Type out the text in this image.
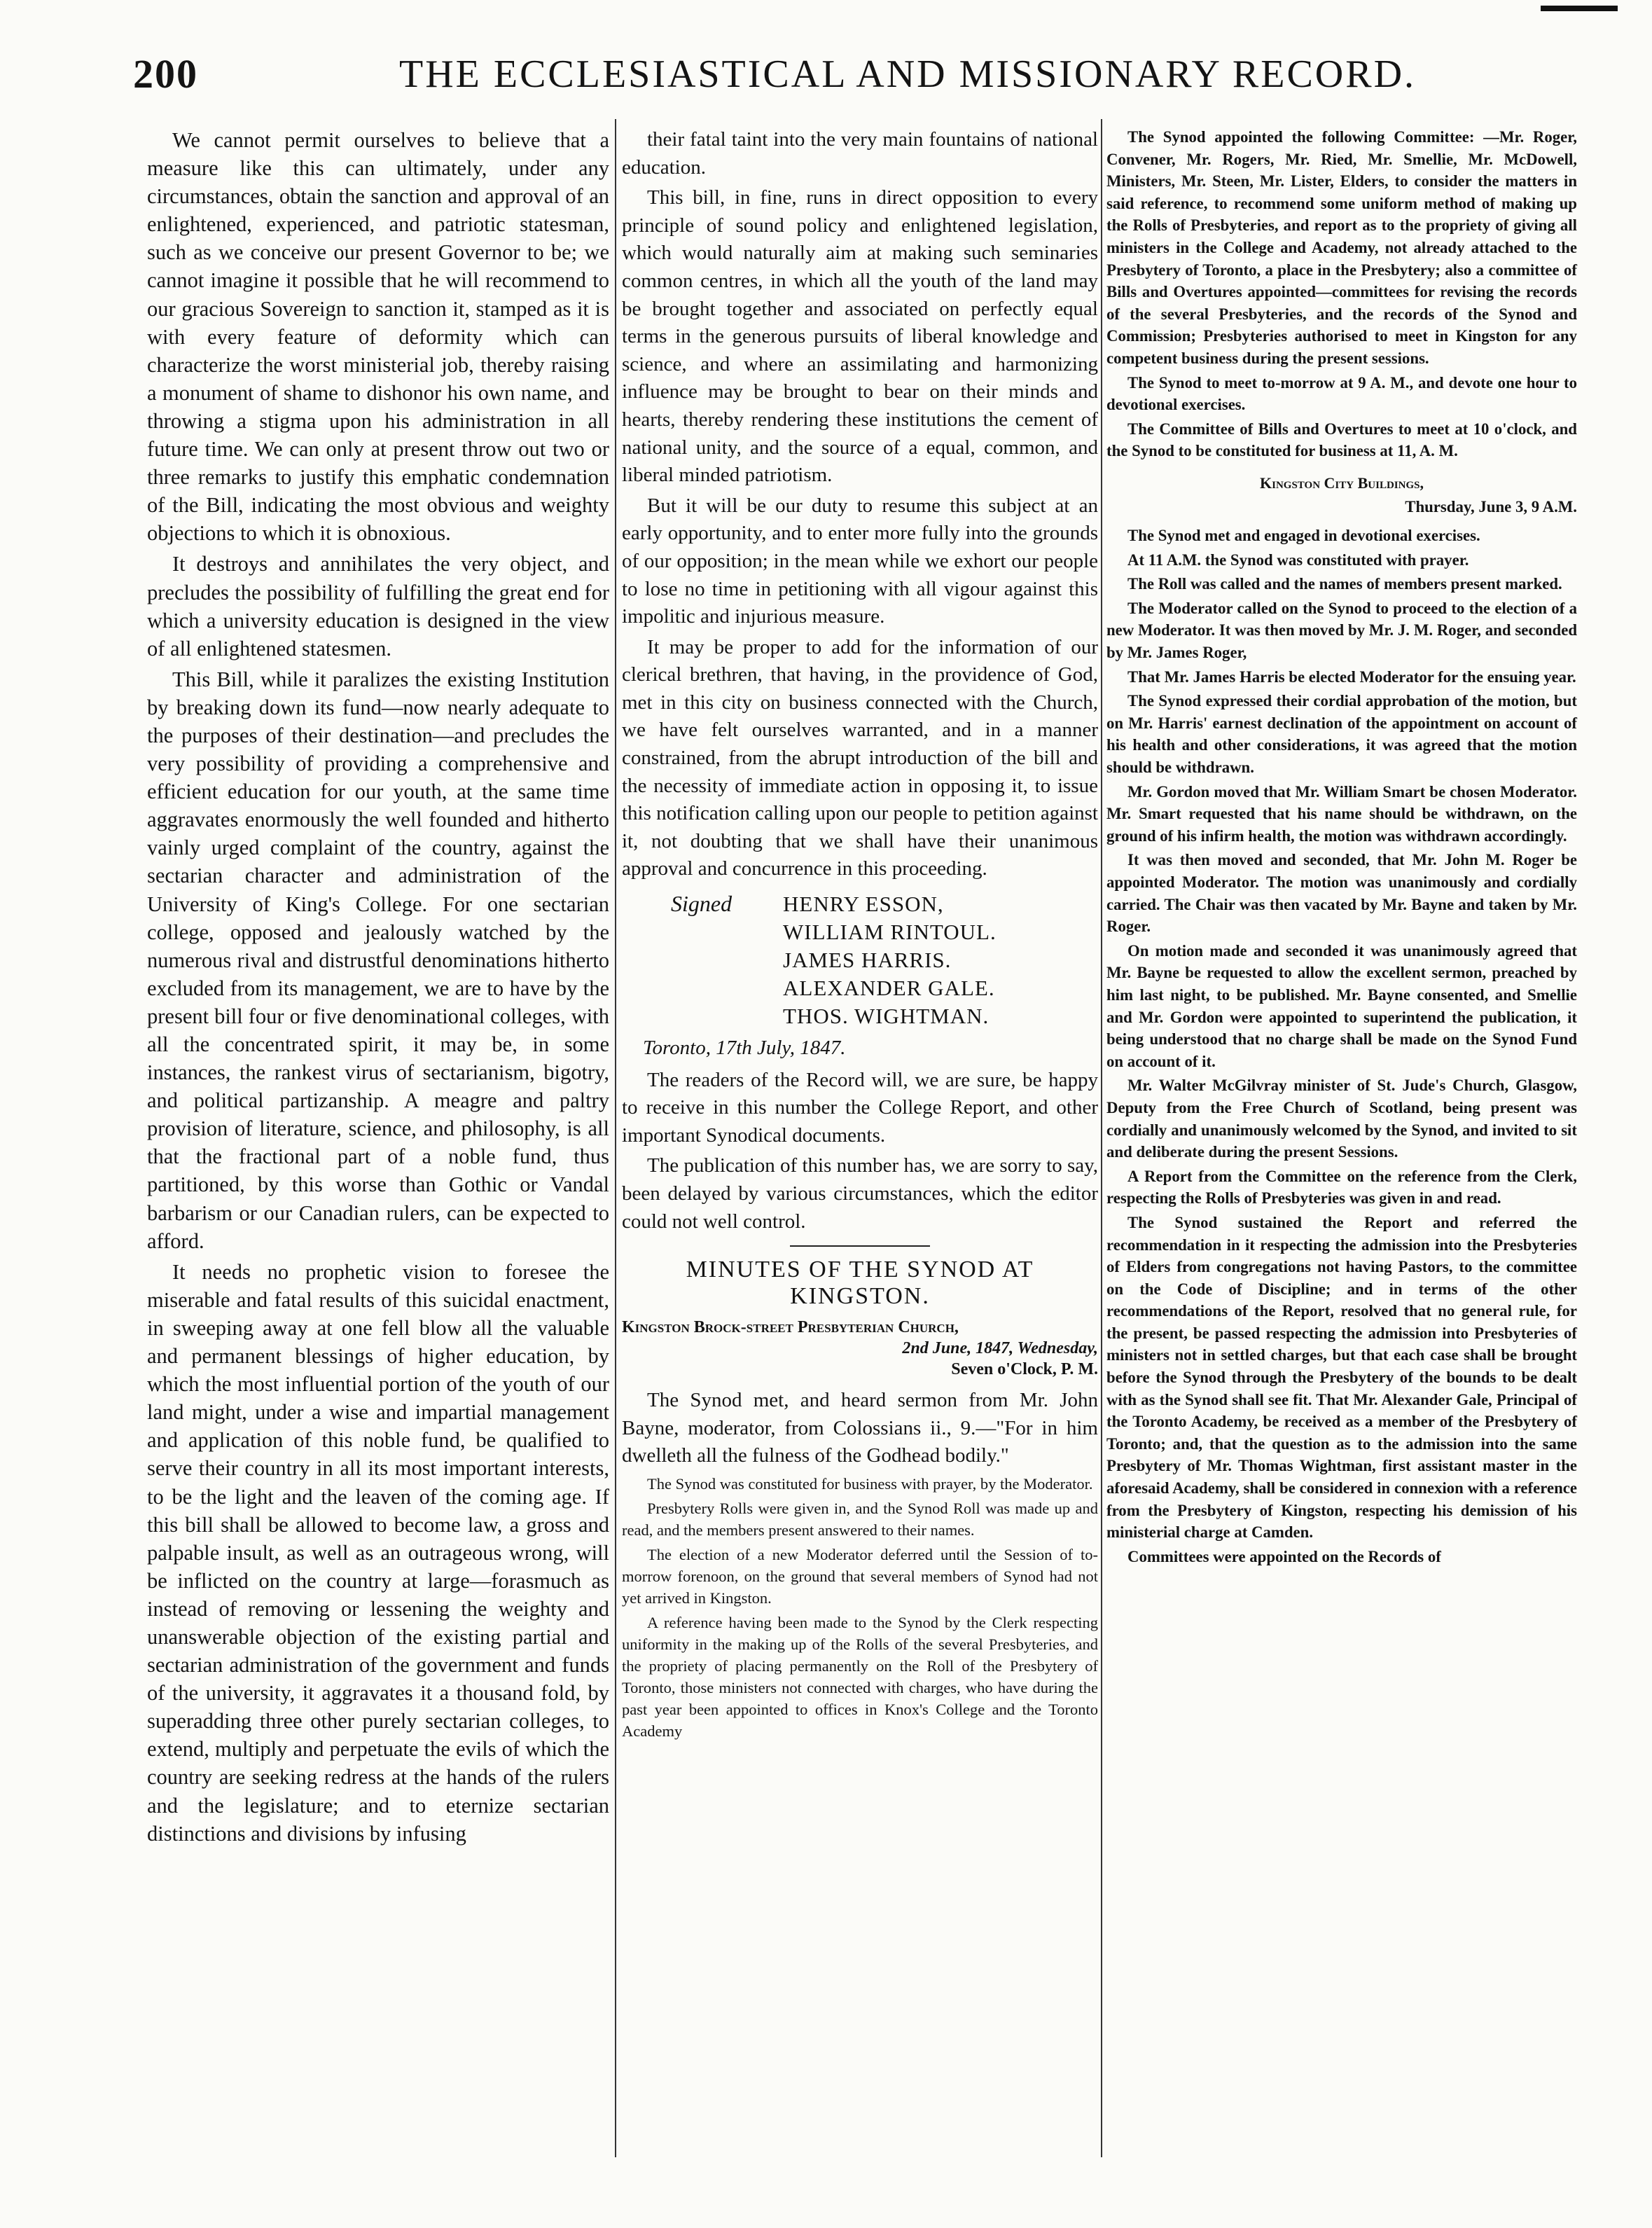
200	THE ECCLESIASTICAL AND MISSIONARY RECORD.

We cannot permit ourselves to believe that a measure like this can ultimately, under any circumstances, obtain the sanction and approval of an enlightened, experienced, and patriotic statesman, such as we conceive our present Governor to be; we cannot imagine it possible that he will recommend to our gracious Sovereign to sanction it, stamped as it is with every feature of deformity which can characterize the worst ministerial job, thereby raising a monument of shame to dishonor his own name, and throwing a stigma upon his administration in all future time. We can only at present throw out two or three remarks to justify this emphatic condemnation of the Bill, indicating the most obvious and weighty objections to which it is obnoxious.

It destroys and annihilates the very object, and precludes the possibility of fulfilling the great end for which a university education is designed in the view of all enlightened statesmen.

This Bill, while it paralizes the existing Institution by breaking down its fund—now nearly adequate to the purposes of their destination—and precludes the very possibility of providing a comprehensive and efficient education for our youth, at the same time aggravates enormously the well founded and hitherto vainly urged complaint of the country, against the sectarian character and administration of the University of King's College. For one sectarian college, opposed and jealously watched by the numerous rival and distrustful denominations hitherto excluded from its management, we are to have by the present bill four or five denominational colleges, with all the concentrated spirit, it may be, in some instances, the rankest virus of sectarianism, bigotry, and political partizanship. A meagre and paltry provision of literature, science, and philosophy, is all that the fractional part of a noble fund, thus partitioned, by this worse than Gothic or Vandal barbarism or our Canadian rulers, can be expected to afford.

It needs no prophetic vision to foresee the miserable and fatal results of this suicidal enactment, in sweeping away at one fell blow all the valuable and permanent blessings of higher education, by which the most influential portion of the youth of our land might, under a wise and impartial management and application of this noble fund, be qualified to serve their country in all its most important interests, to be the light and the leaven of the coming age. If this bill shall be allowed to become law, a gross and palpable insult, as well as an outrageous wrong, will be inflicted on the country at large—forasmuch as instead of removing or lessening the weighty and unanswerable objection of the existing partial and sectarian administration of the government and funds of the university, it aggravates it a thousand fold, by superadding three other purely sectarian colleges, to extend, multiply and perpetuate the evils of which the country are seeking redress at the hands of the rulers and the legislature; and to eternize sectarian distinctions and divisions by infusing

their fatal taint into the very main fountains of national education.

This bill, in fine, runs in direct opposition to every principle of sound policy and enlightened legislation, which would naturally aim at making such seminaries common centres, in which all the youth of the land may be brought together and associated on perfectly equal terms in the generous pursuits of liberal knowledge and science, and where an assimilating and harmonizing influence may be brought to bear on their minds and hearts, thereby rendering these institutions the cement of national unity, and the source of a equal, common, and liberal minded patriotism.

But it will be our duty to resume this subject at an early opportunity, and to enter more fully into the grounds of our opposition; in the mean while we exhort our people to lose no time in petitioning with all vigour against this impolitic and injurious measure.

It may be proper to add for the information of our clerical brethren, that having, in the providence of God, met in this city on business connected with the Church, we have felt ourselves warranted, and in a manner constrained, from the abrupt introduction of the bill and the necessity of immediate action in opposing it, to issue this notification calling upon our people to petition against it, not doubting that we shall have their unanimous approval and concurrence in this proceeding.

Signed	HENRY ESSON,
WILLIAM RINTOUL.
JAMES HARRIS.
ALEXANDER GALE.
THOS. WIGHTMAN.
Toronto, 17th July, 1847.

The readers of the Record will, we are sure, be happy to receive in this number the College Report, and other important Synodical documents.

The publication of this number has, we are sorry to say, been delayed by various circumstances, which the editor could not well control.

MINUTES OF THE SYNOD AT KINGSTON.
Kingston Brock-street Presbyterian Church,
2nd June, 1847, Wednesday,
Seven o'Clock, P. M.

The Synod met, and heard sermon from Mr. John Bayne, moderator, from Colossians ii., 9.—"For in him dwelleth all the fulness of the Godhead bodily."

The Synod was constituted for business with prayer, by the Moderator.

Presbytery Rolls were given in, and the Synod Roll was made up and read, and the members present answered to their names.

The election of a new Moderator deferred until the Session of to-morrow forenoon, on the ground that several members of Synod had not yet arrived in Kingston.

A reference having been made to the Synod by the Clerk respecting uniformity in the making up of the Rolls of the several Presbyteries, and the propriety of placing permanently on the Roll of the Presbytery of Toronto, those ministers not connected with charges, who have during the past year been appointed to offices in Knox's College and the Toronto Academy

The Synod appointed the following Committee: —Mr. Roger, Convener, Mr. Rogers, Mr. Ried, Mr. Smellie, Mr. McDowell, Ministers, Mr. Steen, Mr. Lister, Elders, to consider the matters in said reference, to recommend some uniform method of making up the Rolls of Presbyteries, and report as to the propriety of giving all ministers in the College and Academy, not already attached to the Presbytery of Toronto, a place in the Presbytery; also a committee of Bills and Overtures appointed—committees for revising the records of the several Presbyteries, and the records of the Synod and Commission; Presbyteries authorised to meet in Kingston for any competent business during the present sessions.

The Synod to meet to-morrow at 9 A. M., and devote one hour to devotional exercises.

The Committee of Bills and Overtures to meet at 10 o'clock, and the Synod to be constituted for business at 11, A. M.

Kingston City Buildings,
Thursday, June 3, 9 A.M.

The Synod met and engaged in devotional exercises.

At 11 A.M. the Synod was constituted with prayer.

The Roll was called and the names of members present marked.

The Moderator called on the Synod to proceed to the election of a new Moderator. It was then moved by Mr. J. M. Roger, and seconded by Mr. James Roger,

That Mr. James Harris be elected Moderator for the ensuing year.

The Synod expressed their cordial approbation of the motion, but on Mr. Harris' earnest declination of the appointment on account of his health and other considerations, it was agreed that the motion should be withdrawn.

Mr. Gordon moved that Mr. William Smart be chosen Moderator. Mr. Smart requested that his name should be withdrawn, on the ground of his infirm health, the motion was withdrawn accordingly.

It was then moved and seconded, that Mr. John M. Roger be appointed Moderator. The motion was unanimously and cordially carried. The Chair was then vacated by Mr. Bayne and taken by Mr. Roger.

On motion made and seconded it was unanimously agreed that Mr. Bayne be requested to allow the excellent sermon, preached by him last night, to be published. Mr. Bayne consented, and Smellie and Mr. Gordon were appointed to superintend the publication, it being understood that no charge shall be made on the Synod Fund on account of it.

Mr. Walter McGilvray minister of St. Jude's Church, Glasgow, Deputy from the Free Church of Scotland, being present was cordially and unanimously welcomed by the Synod, and invited to sit and deliberate during the present Sessions.

A Report from the Committee on the reference from the Clerk, respecting the Rolls of Presbyteries was given in and read.

The Synod sustained the Report and referred the recommendation in it respecting the admission into the Presbyteries of Elders from congregations not having Pastors, to the committee on the Code of Discipline; and in terms of the other recommendations of the Report, resolved that no general rule, for the present, be passed respecting the admission into Presbyteries of ministers not in settled charges, but that each case shall be brought before the Synod through the Presbytery of the bounds to be dealt with as the Synod shall see fit. That Mr. Alexander Gale, Principal of the Toronto Academy, be received as a member of the Presbytery of Toronto; and, that the question as to the admission into the same Presbytery of Mr. Thomas Wightman, first assistant master in the aforesaid Academy, shall be considered in connexion with a reference from the Presbytery of Kingston, respecting his demission of his ministerial charge at Camden.

Committees were appointed on the Records of
